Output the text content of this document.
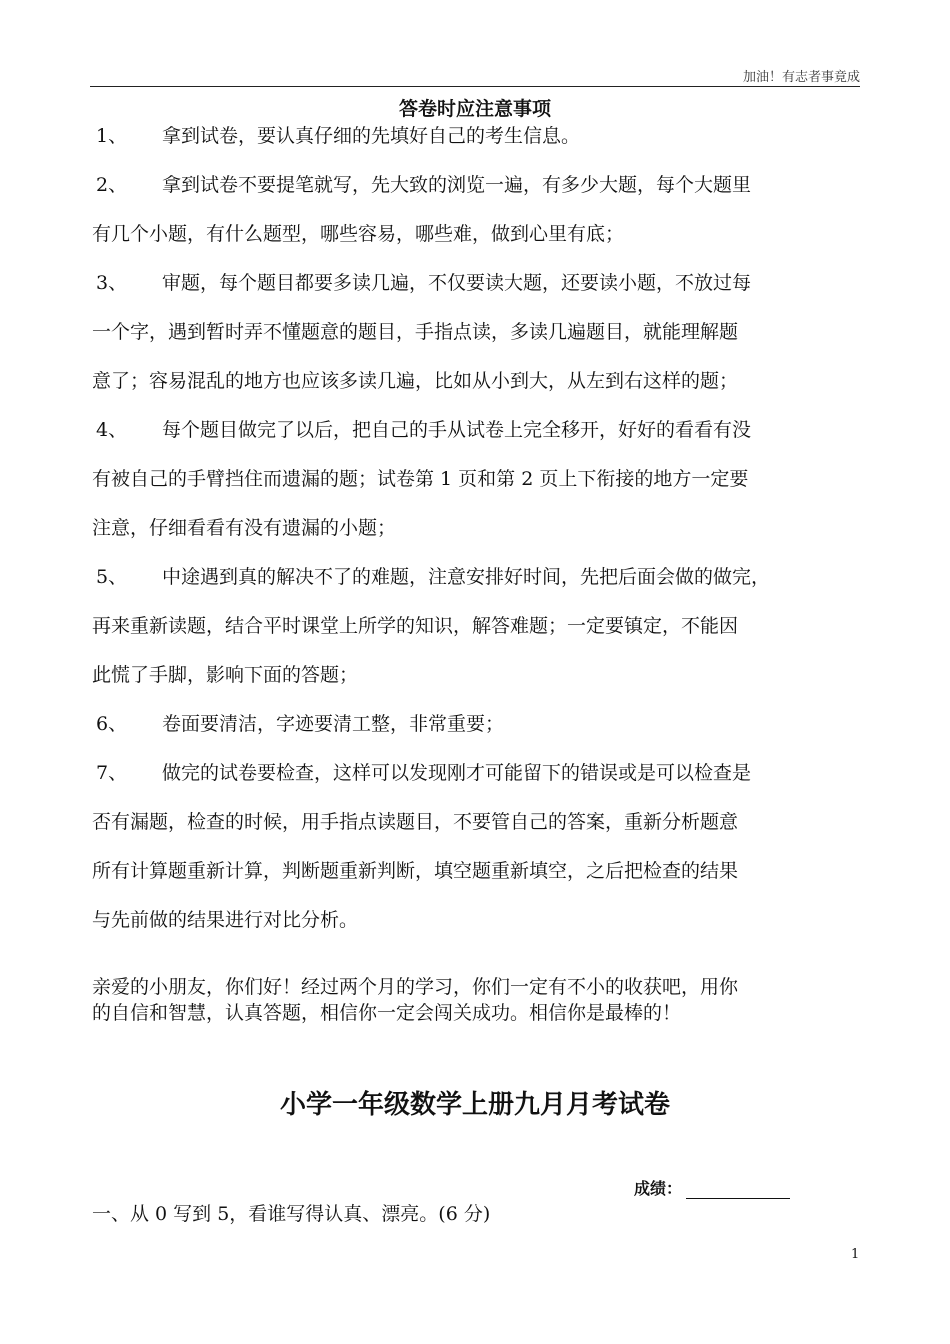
加油！有志者事竟成
答卷时应注意事项
1、	拿到试卷，要认真仔细的先填好自己的考生信息。
2、	拿到试卷不要提笔就写，先大致的浏览一遍，有多少大题，每个大题里
有几个小题，有什么题型，哪些容易，哪些难，做到心里有底；
3、	审题，每个题目都要多读几遍，不仅要读大题，还要读小题，不放过每
一个字，遇到暂时弄不懂题意的题目，手指点读，多读几遍题目，就能理解题
意了；容易混乱的地方也应该多读几遍，比如从小到大，从左到右这样的题；
4、	每个题目做完了以后，把自己的手从试卷上完全移开，好好的看看有没
有被自己的手臂挡住而遗漏的题；试卷第 1 页和第 2 页上下衔接的地方一定要
注意，仔细看看有没有遗漏的小题；
5、	中途遇到真的解决不了的难题，注意安排好时间，先把后面会做的做完，
再来重新读题，结合平时课堂上所学的知识，解答难题；一定要镇定，不能因
此慌了手脚，影响下面的答题；
6、	卷面要清洁，字迹要清工整，非常重要；
7、	做完的试卷要检查，这样可以发现刚才可能留下的错误或是可以检查是
否有漏题，检查的时候，用手指点读题目，不要管自己的答案，重新分析题意
所有计算题重新计算，判断题重新判断，填空题重新填空，之后把检查的结果
与先前做的结果进行对比分析。
亲爱的小朋友，你们好！经过两个月的学习，你们一定有不小的收获吧，用你
的自信和智慧，认真答题，相信你一定会闯关成功。相信你是最棒的！
小学一年级数学上册九月月考试卷
成绩：
一、从 0 写到 5，看谁写得认真、漂亮。(6 分)
1
